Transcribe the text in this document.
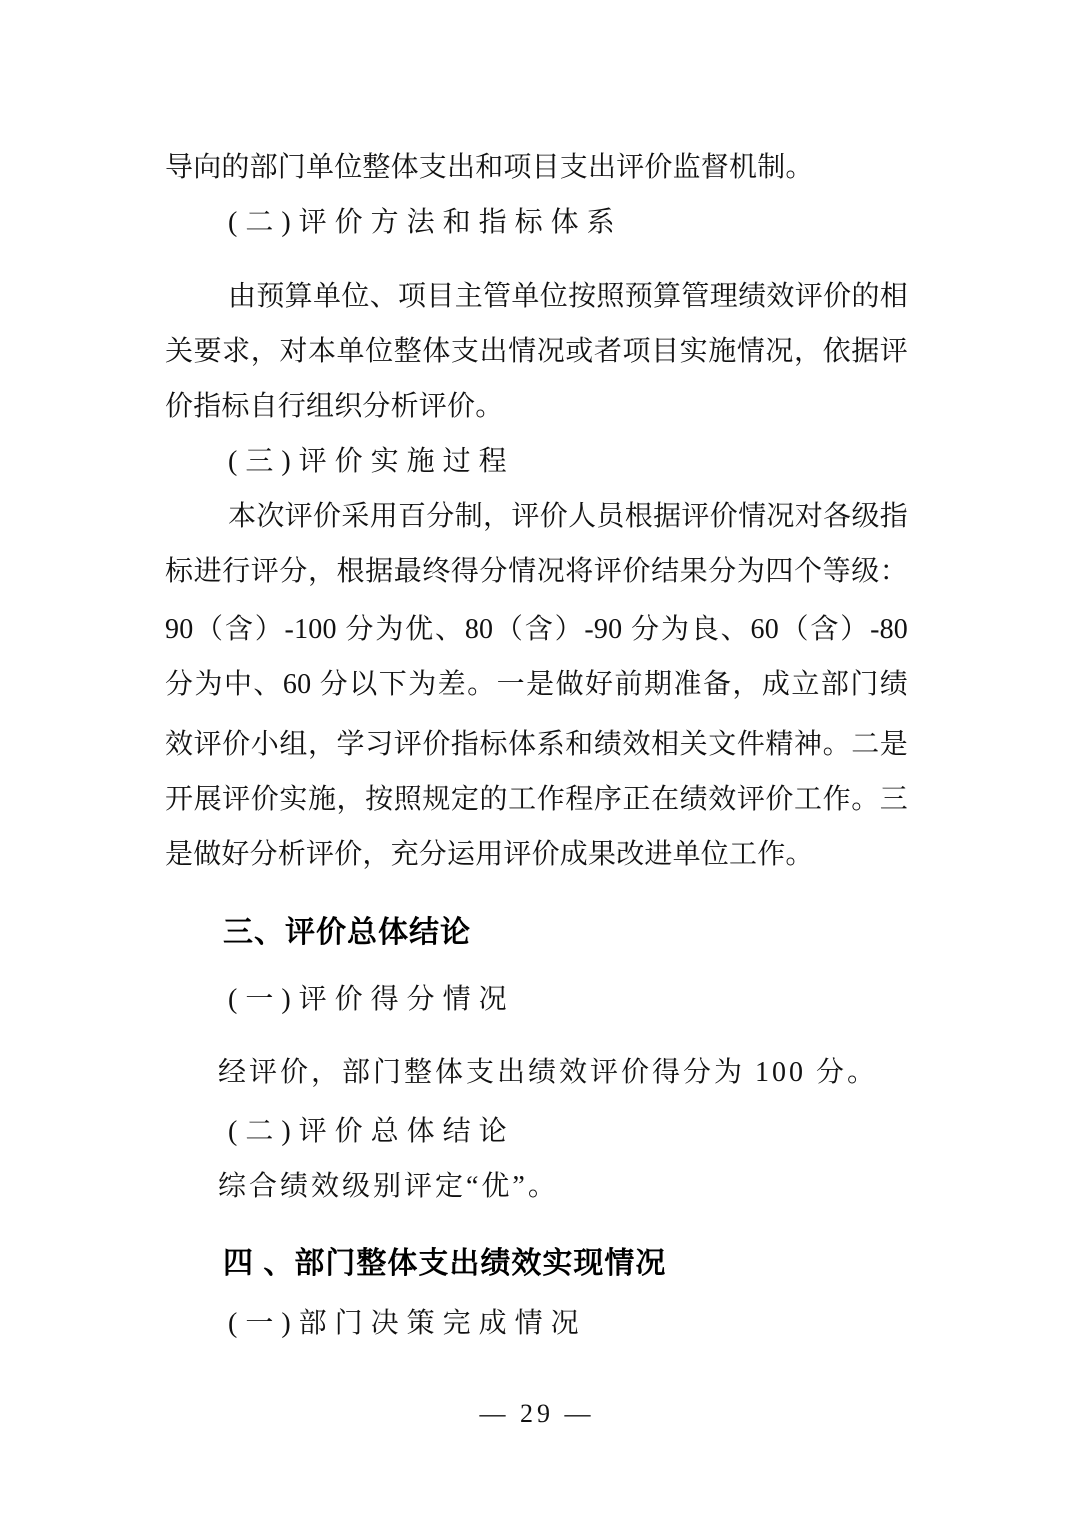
导向的部门单位整体支出和项目支出评价监督机制。
(二)评价方法和指标体系
由预算单位、项目主管单位按照预算管理绩效评价的相
关要求，对本单位整体支出情况或者项目实施情况，依据评
价指标自行组织分析评价。
(三)评价实施过程
本次评价采用百分制，评价人员根据评价情况对各级指
标进行评分，根据最终得分情况将评价结果分为四个等级：
90（含）-100 分为优、80（含）-90 分为良、60（含）-80
分为中、60 分以下为差。一是做好前期准备，成立部门绩
效评价小组，学习评价指标体系和绩效相关文件精神。二是
开展评价实施，按照规定的工作程序正在绩效评价工作。三
是做好分析评价，充分运用评价成果改进单位工作。
三、评价总体结论
(一)评价得分情况
经评价，部门整体支出绩效评价得分为 100 分。
(二)评价总体结论
综合绩效级别评定“优”。
四 、部门整体支出绩效实现情况
(一)部门决策完成情况
— 29 —
